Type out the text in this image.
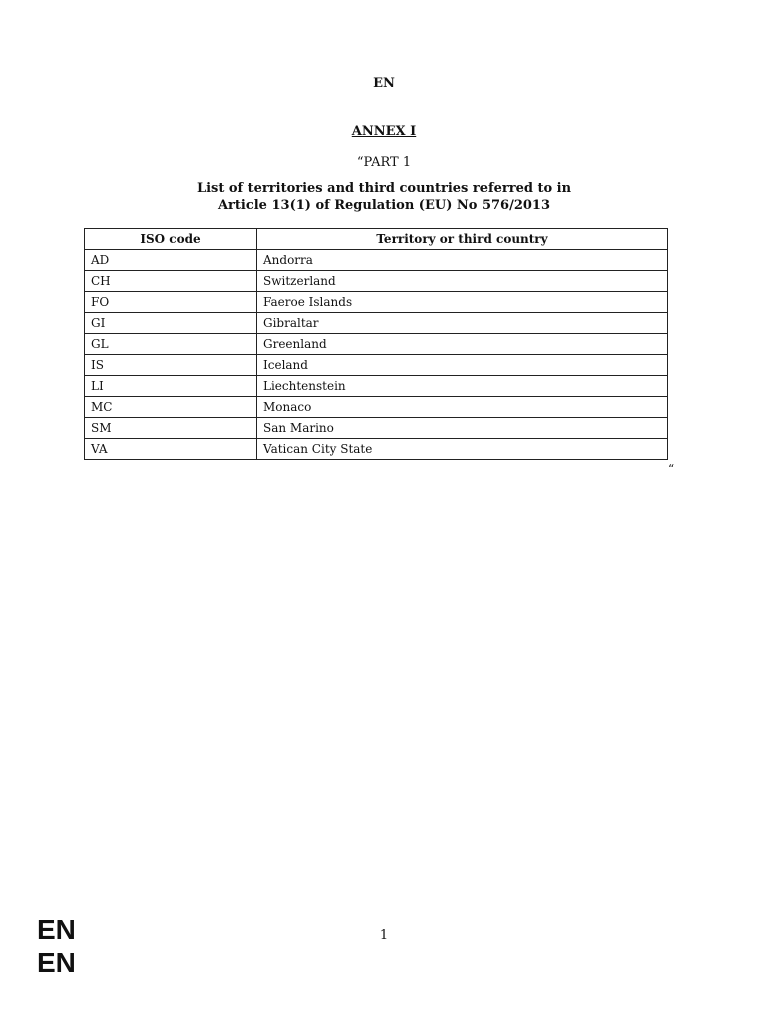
EN
ANNEX I
“PART 1
List of territories and third countries referred to in
Article 13(1) of Regulation (EU) No 576/2013
ISO code	Territory or third country
AD	Andorra
CH	Switzerland
FO	Faeroe Islands
GI	Gibraltar
GL	Greenland
IS	Iceland
LI	Liechtenstein
MC	Monaco
SM	San Marino
VA	Vatican City State
“
1
EN
EN
